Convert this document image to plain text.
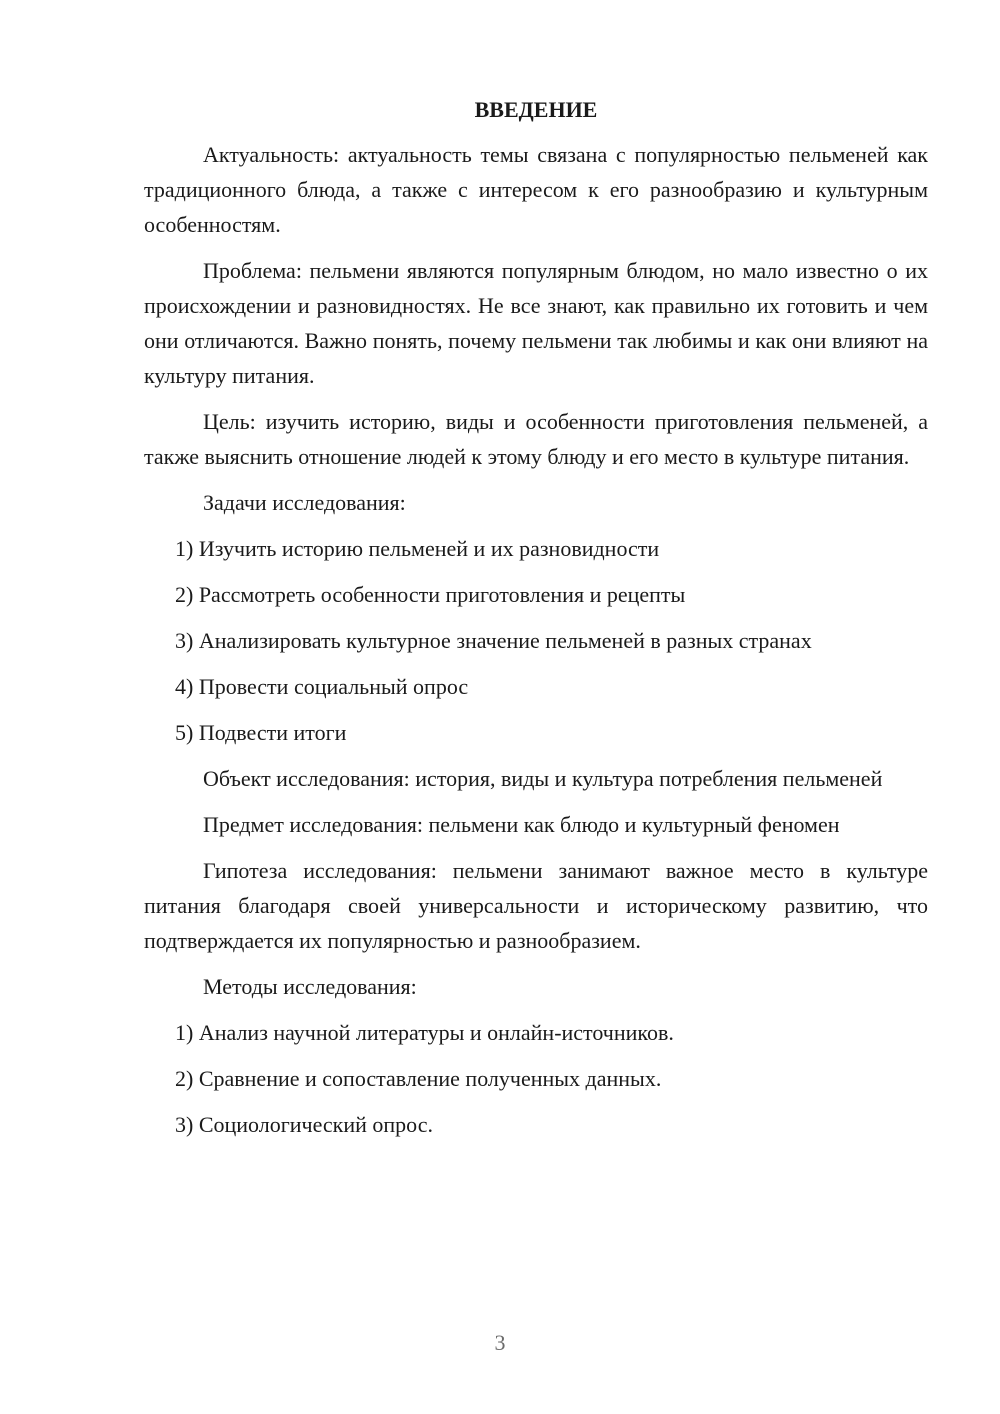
ВВЕДЕНИЕ

Актуальность: актуальность темы связана с популярностью пельменей как традиционного блюда, а также с интересом к его разнообразию и культурным особенностям.

Проблема: пельмени являются популярным блюдом, но мало известно о их происхождении и разновидностях. Не все знают, как правильно их готовить и чем они отличаются. Важно понять, почему пельмени так любимы и как они влияют на культуру питания.

Цель: изучить историю, виды и особенности приготовления пельменей, а также выяснить отношение людей к этому блюду и его место в культуре питания.

Задачи исследования:

1) Изучить историю пельменей и их разновидности

2) Рассмотреть особенности приготовления и рецепты

3) Анализировать культурное значение пельменей в разных странах

4) Провести социальный опрос

5) Подвести итоги

Объект исследования: история, виды и культура потребления пельменей

Предмет исследования: пельмени как блюдо и культурный феномен

Гипотеза исследования: пельмени занимают важное место в культуре питания благодаря своей универсальности и историческому развитию, что подтверждается их популярностью и разнообразием.

Методы исследования:

1) Анализ научной литературы и онлайн-источников.

2) Сравнение и сопоставление полученных данных.

3) Социологический опрос.

3
